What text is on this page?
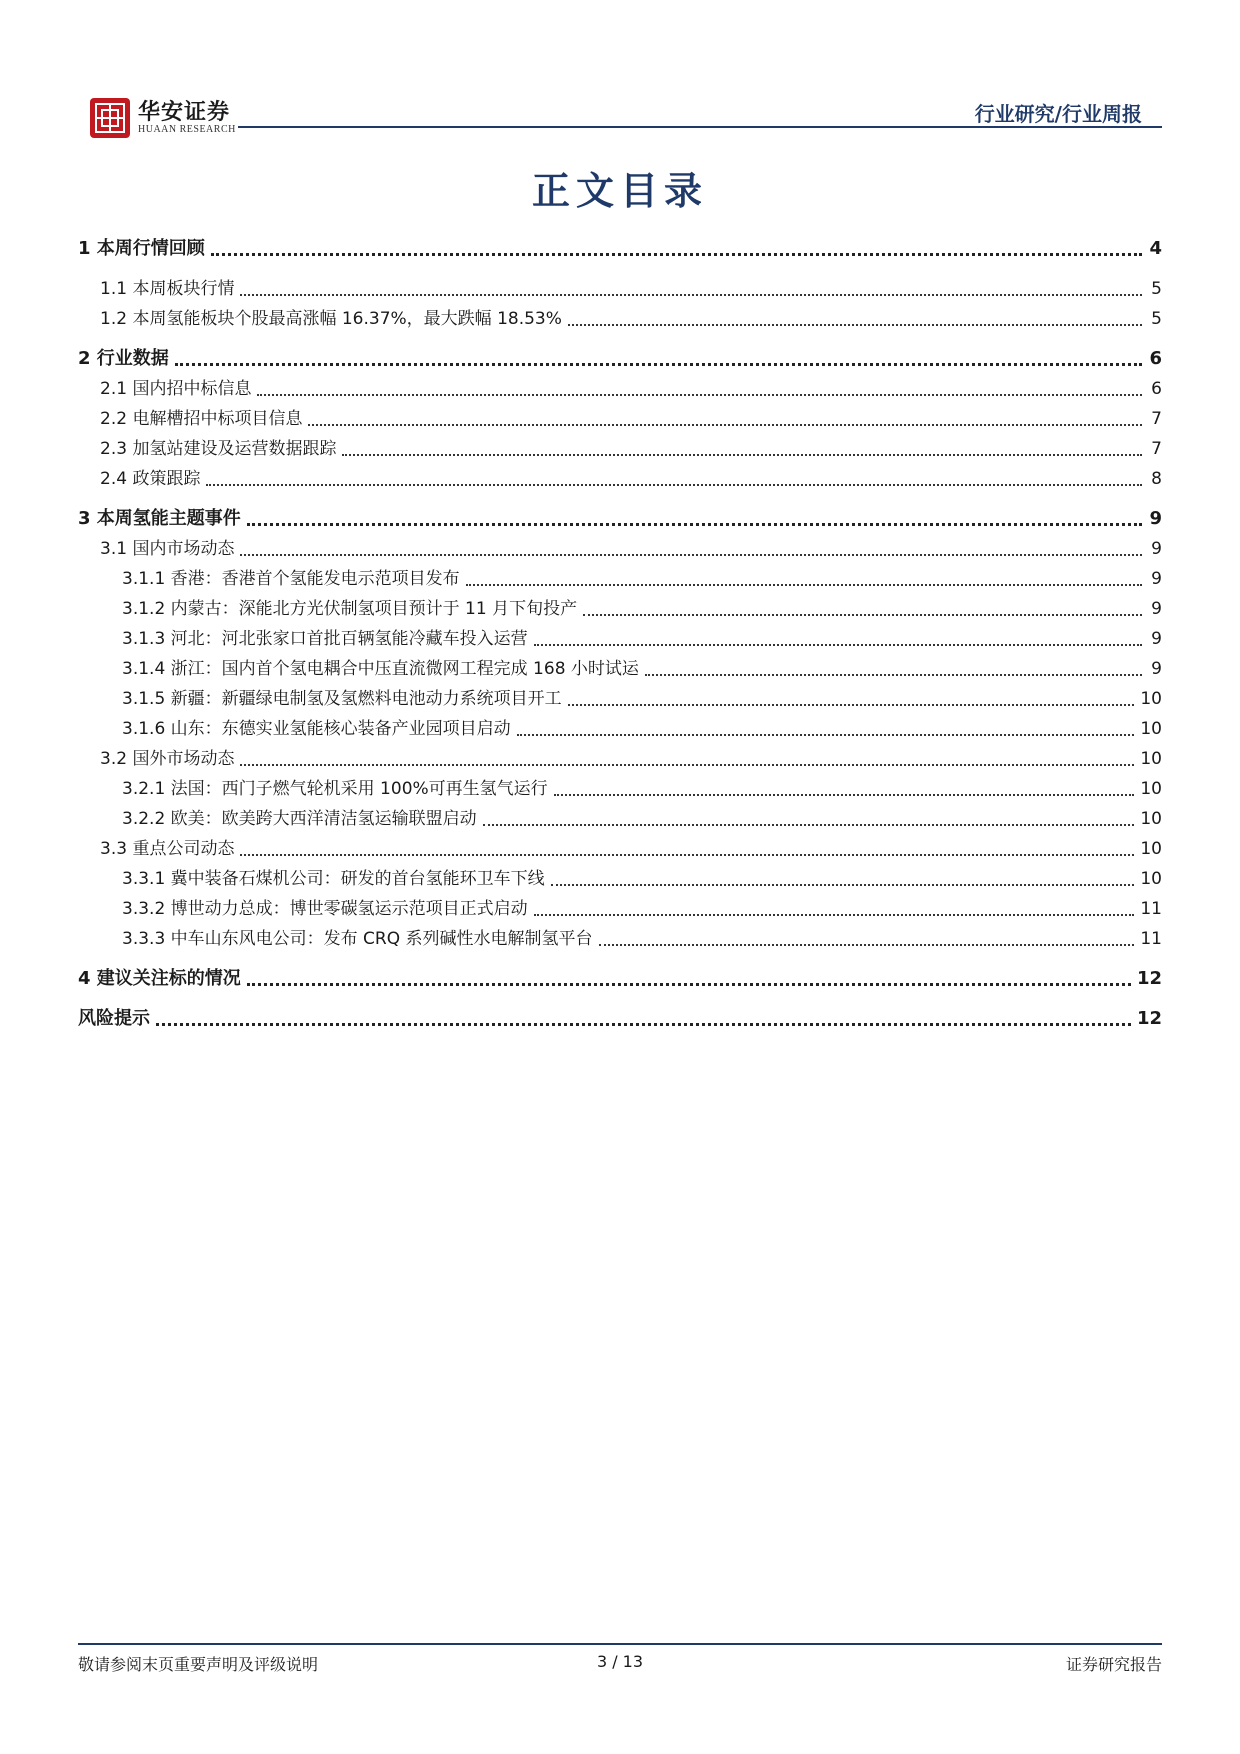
华安证券
HUAAN RESEARCH
行业研究/行业周报
正文目录
1 本周行情回顾	4
1.1 本周板块行情	5
1.2 本周氢能板块个股最高涨幅 16.37%，最大跌幅 18.53%	5
2 行业数据	6
2.1 国内招中标信息	6
2.2 电解槽招中标项目信息	7
2.3 加氢站建设及运营数据跟踪	7
2.4 政策跟踪	8
3 本周氢能主题事件	9
3.1 国内市场动态	9
3.1.1 香港：香港首个氢能发电示范项目发布	9
3.1.2 内蒙古：深能北方光伏制氢项目预计于 11 月下旬投产	9
3.1.3 河北：河北张家口首批百辆氢能冷藏车投入运营	9
3.1.4 浙江：国内首个氢电耦合中压直流微网工程完成 168 小时试运	9
3.1.5 新疆：新疆绿电制氢及氢燃料电池动力系统项目开工	10
3.1.6 山东：东德实业氢能核心装备产业园项目启动	10
3.2 国外市场动态	10
3.2.1 法国：西门子燃气轮机采用 100%可再生氢气运行	10
3.2.2 欧美：欧美跨大西洋清洁氢运输联盟启动	10
3.3 重点公司动态	10
3.3.1 冀中装备石煤机公司：研发的首台氢能环卫车下线	10
3.3.2 博世动力总成：博世零碳氢运示范项目正式启动	11
3.3.3 中车山东风电公司：发布 CRQ 系列碱性水电解制氢平台	11
4 建议关注标的情况	12
风险提示	12
敬请参阅末页重要声明及评级说明	3 / 13	证券研究报告
